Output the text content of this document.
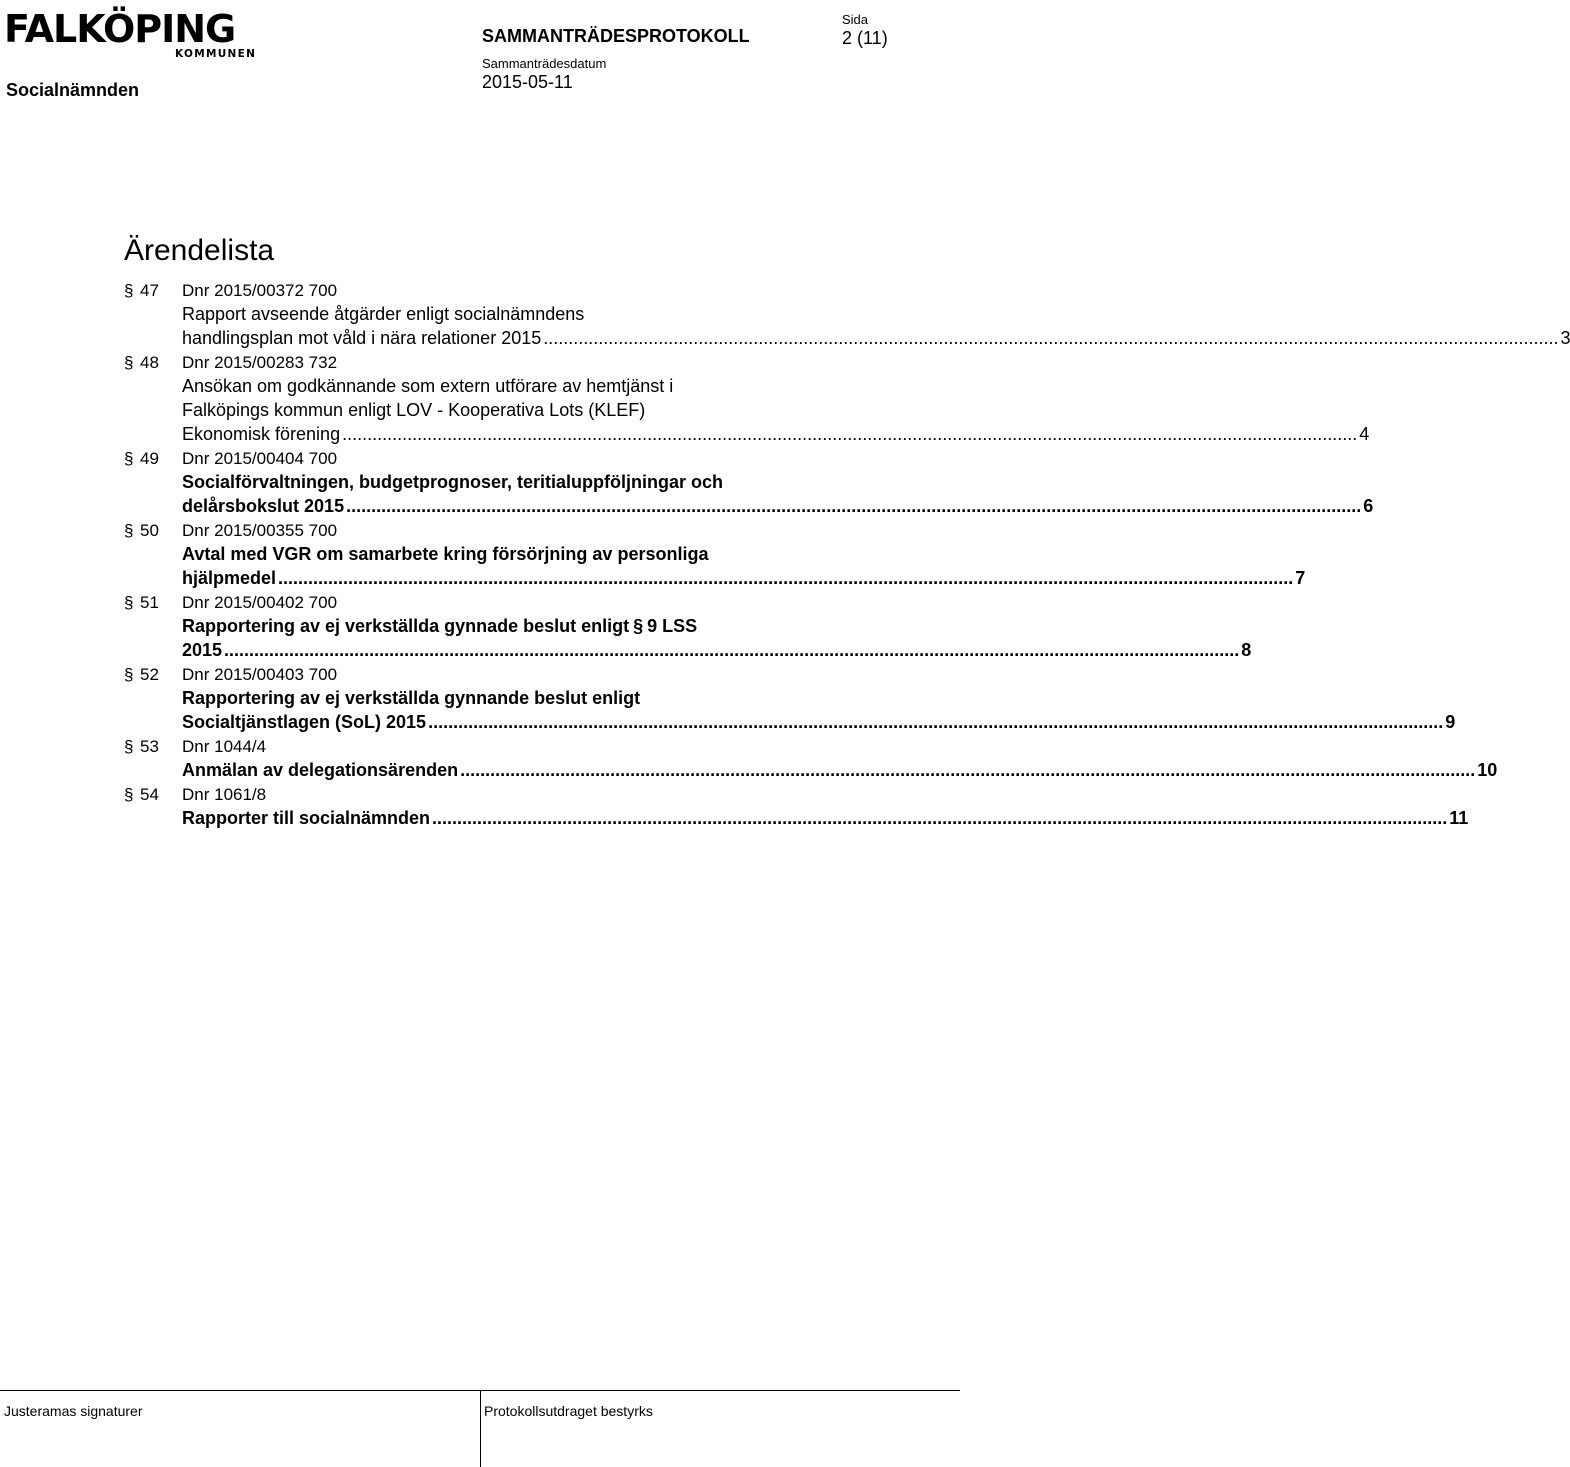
FALKÖPING
KOMMUNEN
SAMMANTRÄDESPROTOKOLL
Sida
2 (11)
Sammanträdesdatum
2015-05-11
Socialnämnden
Ärendelista
§ 47 Dnr 2015/00372 700
Rapport avseende åtgärder enligt socialnämndens
handlingsplan mot våld i nära relationer 2015 ........................................................................................................................................................................................................... 3
§ 48 Dnr 2015/00283 732
Ansökan om godkännande som extern utförare av hemtjänst i
Falköpings kommun enligt LOV - Kooperativa Lots (KLEF)
Ekonomisk förening ........................................................................................................................................................................................................... 4
§ 49 Dnr 2015/00404 700
Socialförvaltningen, budgetprognoser, teritialuppföljningar och
delårsbokslut 2015 ........................................................................................................................................................................................................... 6
§ 50 Dnr 2015/00355 700
Avtal med VGR om samarbete kring försörjning av personliga
hjälpmedel ........................................................................................................................................................................................................... 7
§ 51 Dnr 2015/00402 700
Rapportering av ej verkställda gynnade beslut enligt § 9 LSS
2015 ........................................................................................................................................................................................................... 8
§ 52 Dnr 2015/00403 700
Rapportering av ej verkställda gynnande beslut enligt
Socialtjänstlagen (SoL) 2015 ........................................................................................................................................................................................................... 9
§ 53 Dnr 1044/4
Anmälan av delegationsärenden ........................................................................................................................................................................................................... 10
§ 54 Dnr 1061/8
Rapporter till socialnämnden ........................................................................................................................................................................................................... 11
Justeramas signaturer	Protokollsutdraget bestyrks
